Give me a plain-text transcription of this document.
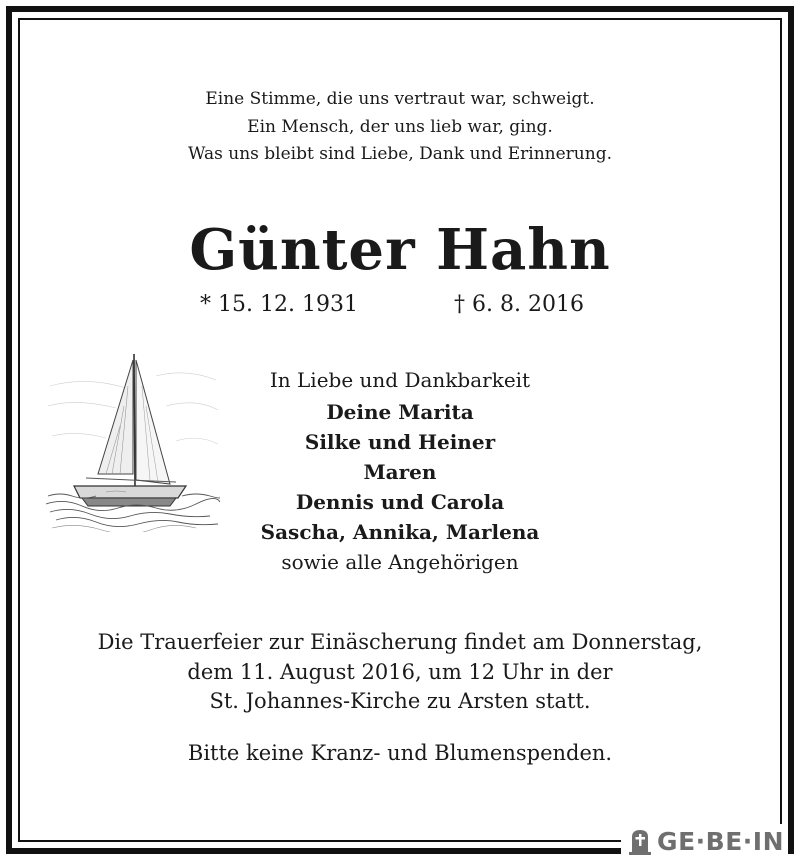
Eine Stimme, die uns vertraut war, schweigt.
Ein Mensch, der uns lieb war, ging.
Was uns bleibt sind Liebe, Dank und Erinnerung.
Günter Hahn
* 15. 12. 1931	† 6. 8. 2016
In Liebe und Dankbarkeit
Deine Marita
Silke und Heiner
Maren
Dennis und Carola
Sascha, Annika, Marlena
sowie alle Angehörigen
Die Trauerfeier zur Einäscherung findet am Donnerstag,
dem 11. August 2016, um 12 Uhr in der
St. Johannes-Kirche zu Arsten statt.
Bitte keine Kranz- und Blumenspenden.
GE·BE·IN
